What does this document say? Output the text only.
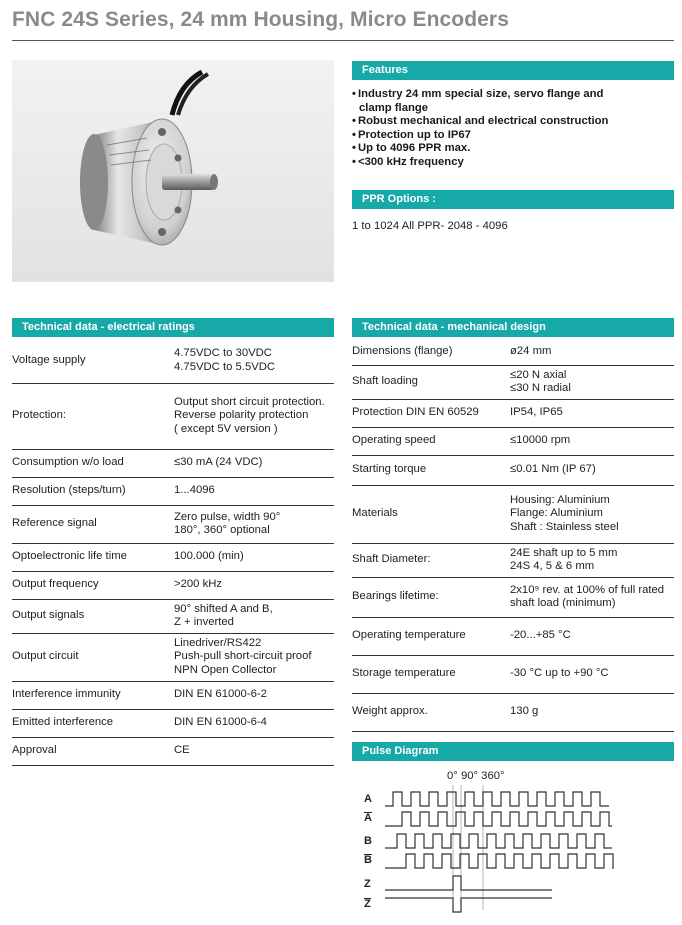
FNC 24S Series, 24 mm Housing, Micro Encoders
Features
• Industry 24 mm special size, servo flange and clamp flange
• Robust mechanical and electrical construction
• Protection up to IP67
• Up to 4096 PPR max.
• <300 kHz frequency
PPR Options :
1 to 1024 All PPR- 2048 - 4096
Technical data - electrical ratings
Voltage supply	4.75VDC to 30VDC
4.75VDC to 5.5VDC
Protection:	Output short circuit protection.
Reverse polarity protection
( except 5V version )
Consumption w/o load	≤30 mA (24 VDC)
Resolution (steps/turn)	1...4096
Reference signal	Zero pulse, width 90°
180°, 360° optional
Optoelectronic life time	100.000 (min)
Output frequency	>200 kHz
Output signals	90° shifted A and B,
Z + inverted
Output circuit	Linedriver/RS422
Push-pull short-circuit proof
NPN Open Collector
Interference immunity	DIN EN 61000-6-2
Emitted interference	DIN EN 61000-6-4
Approval	CE
Technical data - mechanical design
Dimensions (flange)	ø24 mm
Shaft loading	≤20 N axial
≤30 N radial
Protection DIN EN 60529	IP54, IP65
Operating speed	≤10000 rpm
Starting torque	≤0.01 Nm (IP 67)
Materials	Housing: Aluminium
Flange: Aluminium
Shaft : Stainless steel
Shaft Diameter:	24E shaft up to 5 mm
24S 4, 5 & 6 mm
Bearings lifetime:	2x10⁹ rev. at 100% of full rated
shaft load (minimum)
Operating temperature	-20...+85 °C
Storage temperature	-30 °C up to +90 °C
Weight approx.	130 g
Pulse Diagram
0° 90° 360°
A
A
B
B
Z
Z
